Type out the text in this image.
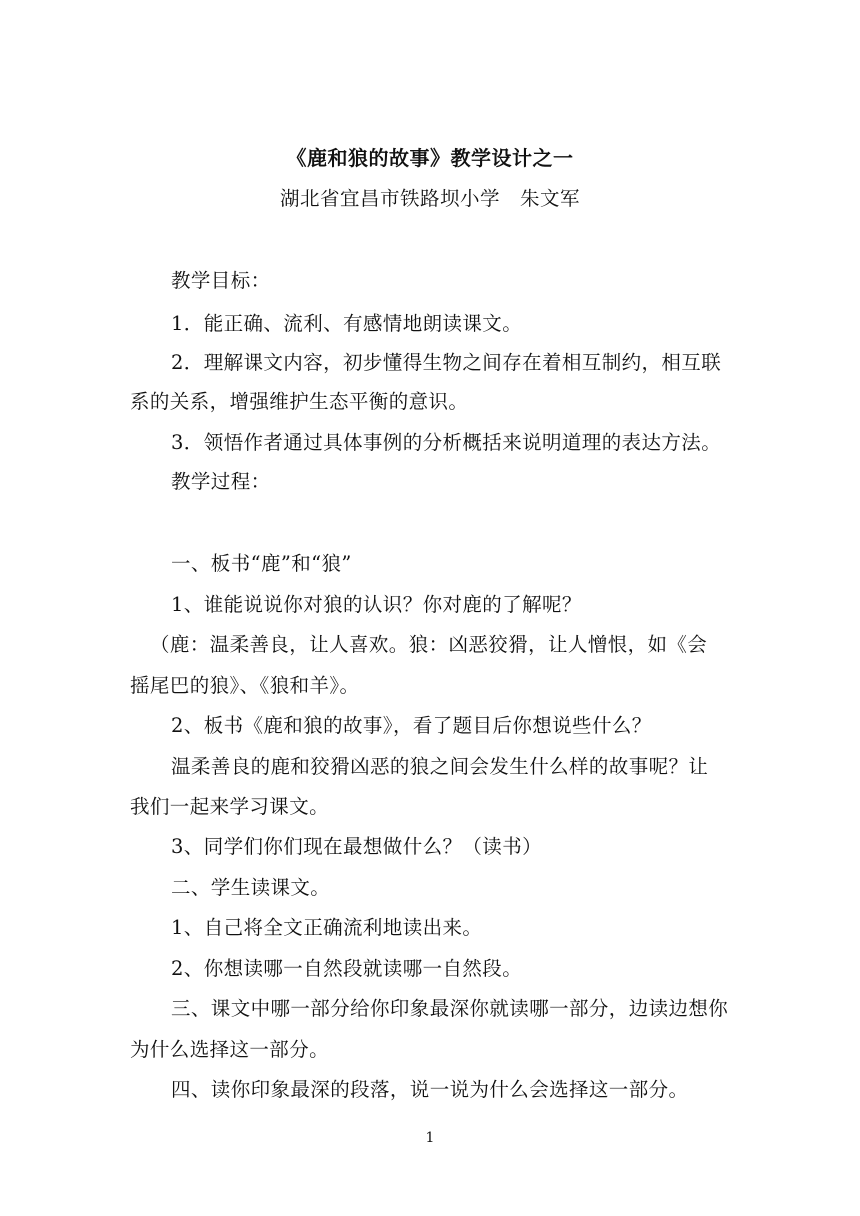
《鹿和狼的故事》教学设计之一
湖北省宜昌市铁路坝小学　朱文军
教学目标：
1．能正确、流利、有感情地朗读课文。
2．理解课文内容，初步懂得生物之间存在着相互制约，相互联
系的关系，增强维护生态平衡的意识。
3．领悟作者通过具体事例的分析概括来说明道理的表达方法。
教学过程：
一、板书“鹿”和“狼”
1、谁能说说你对狼的认识？你对鹿的了解呢？
（鹿：温柔善良，让人喜欢。狼：凶恶狡猾，让人憎恨，如《会
摇尾巴的狼》、《狼和羊》。
2、板书《鹿和狼的故事》，看了题目后你想说些什么？
温柔善良的鹿和狡猾凶恶的狼之间会发生什么样的故事呢？让
我们一起来学习课文。
3、同学们你们现在最想做什么？（读书）
二、学生读课文。
1、自己将全文正确流利地读出来。
2、你想读哪一自然段就读哪一自然段。
三、课文中哪一部分给你印象最深你就读哪一部分，边读边想你
为什么选择这一部分。
四、读你印象最深的段落，说一说为什么会选择这一部分。
1
